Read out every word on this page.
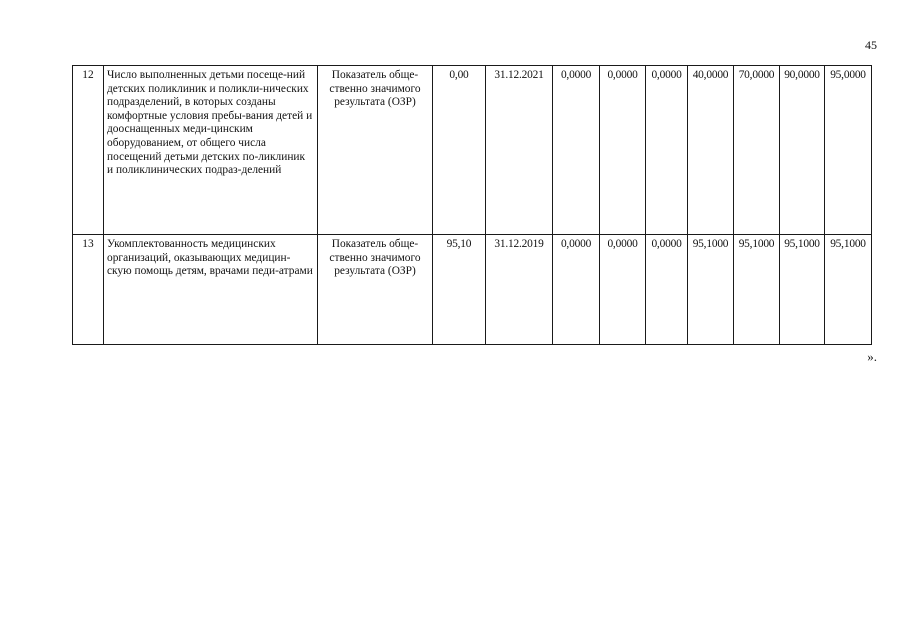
45
12	Число выполненных детьми посеще-ний детских поликлиник и поликли-нических подразделений, в которых созданы комфортные условия пребы-вания детей и дооснащенных меди-цинским оборудованием, от общего числа посещений детьми детских по-ликлиник и поликлинических подраз-делений	Показатель обще-ственно значимого результата (ОЗР)	0,00	31.12.2021	0,0000	0,0000	0,0000	40,0000	70,0000	90,0000	95,0000
13	Укомплектованность медицинских организаций, оказывающих медицин-скую помощь детям, врачами педи-атрами	Показатель обще-ственно значимого результата (ОЗР)	95,10	31.12.2019	0,0000	0,0000	0,0000	95,1000	95,1000	95,1000	95,1000
».
